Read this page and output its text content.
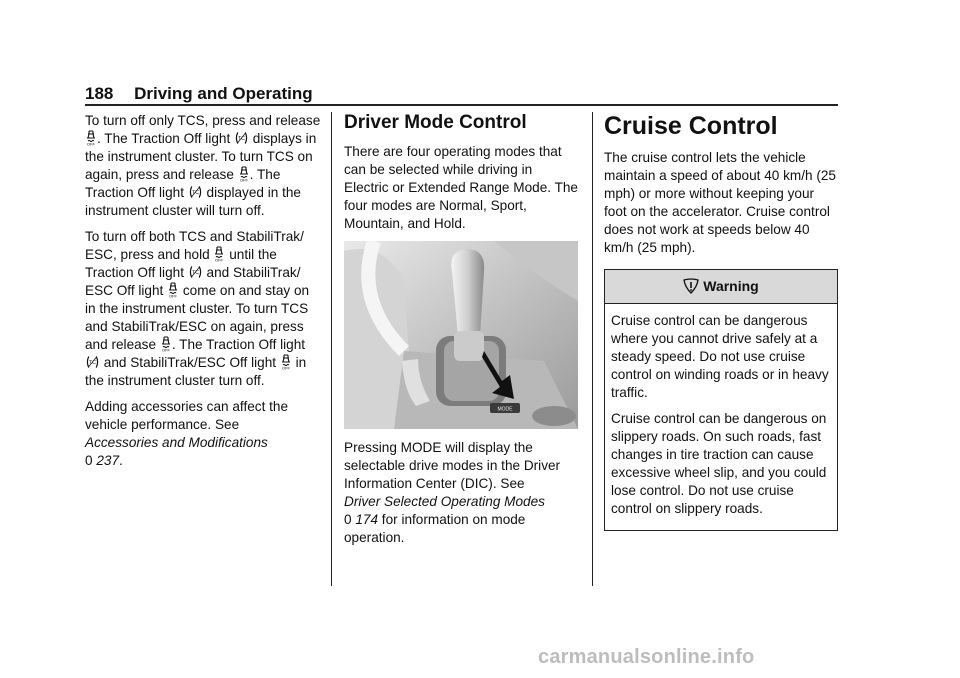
188 Driving and Operating

To turn off only TCS, press and release . The Traction Off light  displays in the instrument cluster. To turn TCS on again, press and release . The Traction Off light  displayed in the instrument cluster will turn off.

To turn off both TCS and StabiliTrak/ ESC, press and hold  until the Traction Off light  and StabiliTrak/ ESC Off light  come on and stay on in the instrument cluster. To turn TCS and StabiliTrak/ESC on again, press and release . The Traction Off light  and StabiliTrak/ESC Off light  in the instrument cluster turn off.

Adding accessories can affect the vehicle performance. See
Accessories and Modifications
0 237.

Driver Mode Control

There are four operating modes that can be selected while driving in Electric or Extended Range Mode. The four modes are Normal, Sport, Mountain, and Hold.

MODE

Pressing MODE will display the selectable drive modes in the Driver Information Center (DIC). See
Driver Selected Operating Modes
0 174 for information on mode operation.

Cruise Control

The cruise control lets the vehicle maintain a speed of about 40 km/h (25 mph) or more without keeping your foot on the accelerator. Cruise control does not work at speeds below 40 km/h (25 mph).

Warning

Cruise control can be dangerous where you cannot drive safely at a steady speed. Do not use cruise control on winding roads or in heavy traffic.

Cruise control can be dangerous on slippery roads. On such roads, fast changes in tire traction can cause excessive wheel slip, and you could lose control. Do not use cruise control on slippery roads.

carmanualsonline.info
